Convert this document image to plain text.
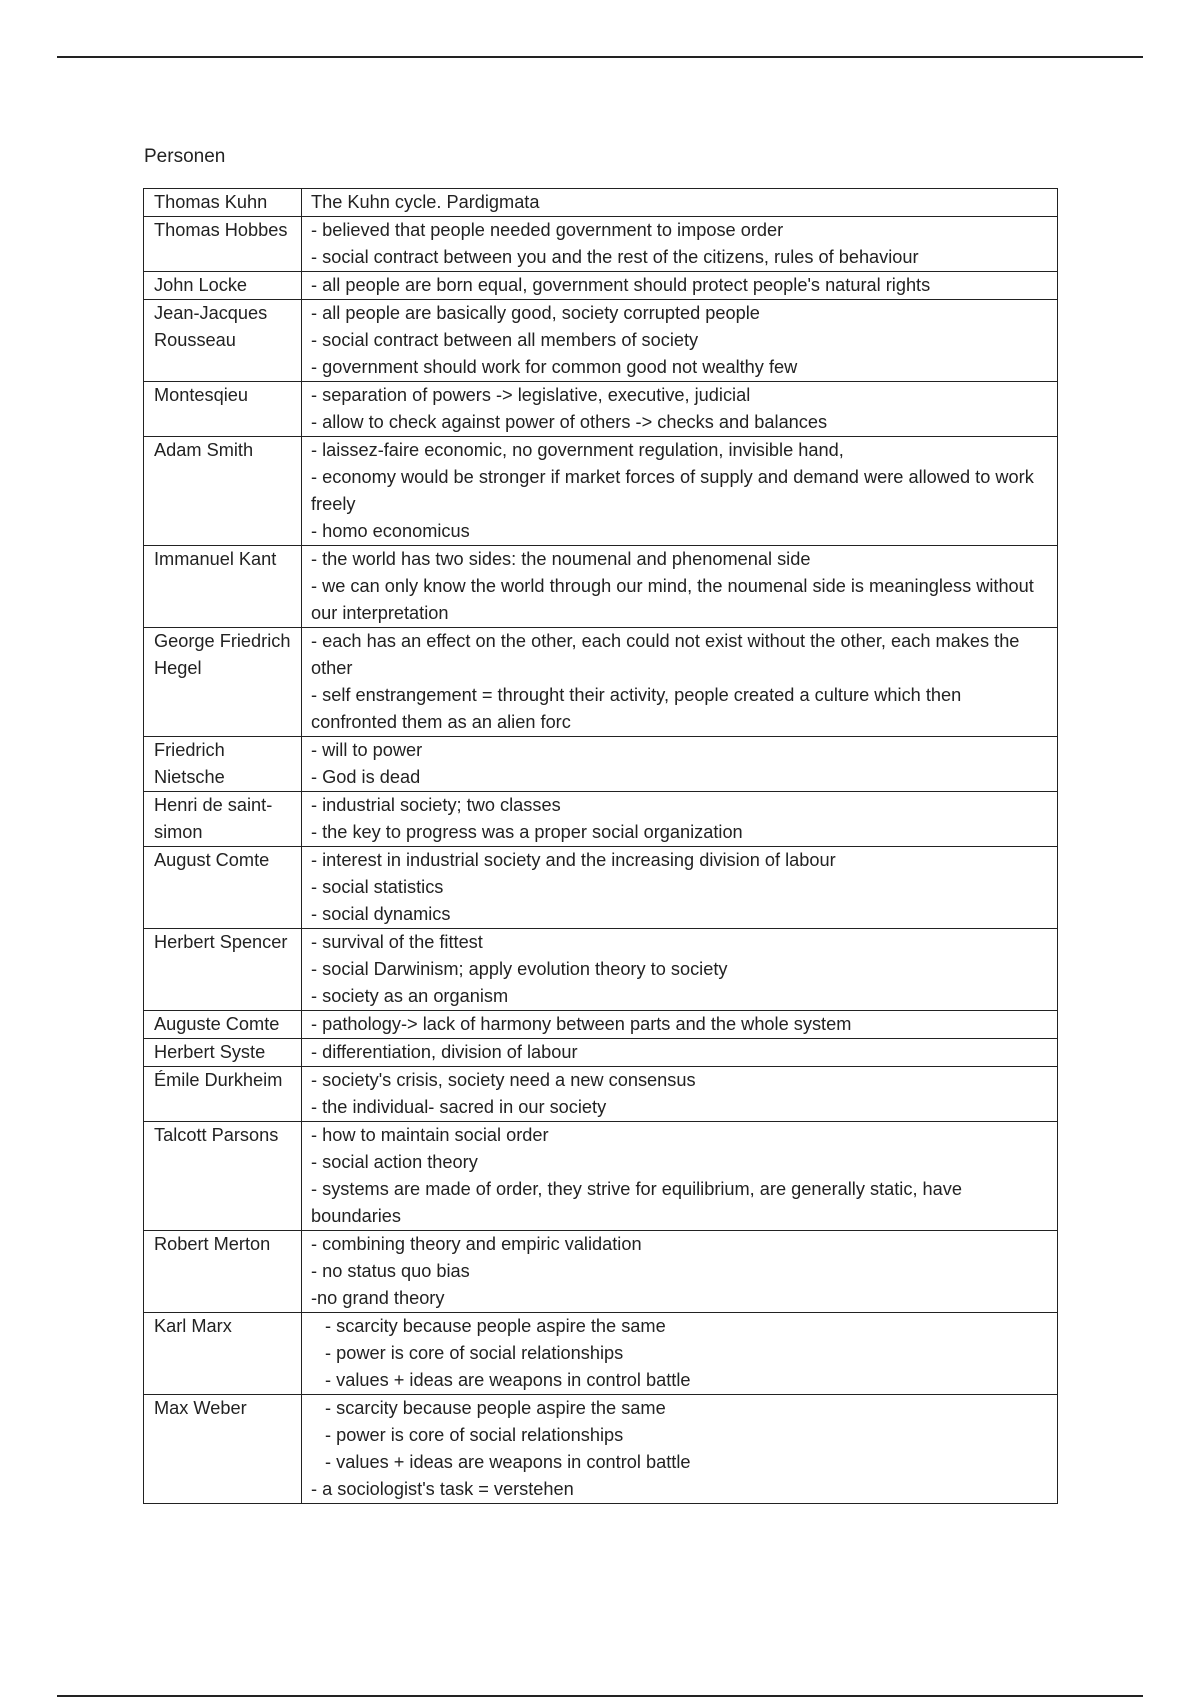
Personen
Thomas Kuhn	The Kuhn cycle. Pardigmata

Thomas Hobbes	- believed that people needed government to impose order
- social contract between you and the rest of the citizens, rules of behaviour

John Locke	- all people are born equal, government should protect people's natural rights

Jean-Jacques Rousseau	- all people are basically good, society corrupted people
- social contract between all members of society
- government should work for common good not wealthy few

Montesqieu	- separation of powers -> legislative, executive, judicial
- allow to check against power of others -> checks and balances

Adam Smith	- laissez-faire economic, no government regulation, invisible hand,
- economy would be stronger if market forces of supply and demand were allowed to work freely
- homo economicus

Immanuel Kant	- the world has two sides: the noumenal and phenomenal side
- we can only know the world through our mind, the noumenal side is meaningless without our interpretation

George Friedrich Hegel	- each has an effect on the other, each could not exist without the other, each makes the other
- self enstrangement = throught their activity, people created a culture which then confronted them as an alien forc

Friedrich Nietsche	- will to power
- God is dead

Henri de saint-simon	- industrial society; two classes
- the key to progress was a proper social organization

August Comte	- interest in industrial society and the increasing division of labour
- social statistics
- social dynamics

Herbert Spencer	- survival of the fittest
- social Darwinism; apply evolution theory to society
- society as an organism

Auguste Comte	- pathology-> lack of harmony between parts and the whole system

Herbert Syste	- differentiation, division of labour

Émile Durkheim	- society's crisis, society need a new consensus
- the individual- sacred in our society

Talcott Parsons	- how to maintain social order
- social action theory
- systems are made of order, they strive for equilibrium, are generally static, have boundaries

Robert Merton	- combining theory and empiric validation
- no status quo bias
-no grand theory

Karl Marx	- scarcity because people aspire the same
- power is core of social relationships
- values + ideas are weapons in control battle

Max Weber	- scarcity because people aspire the same
- power is core of social relationships
- values + ideas are weapons in control battle
- a sociologist's task = verstehen
